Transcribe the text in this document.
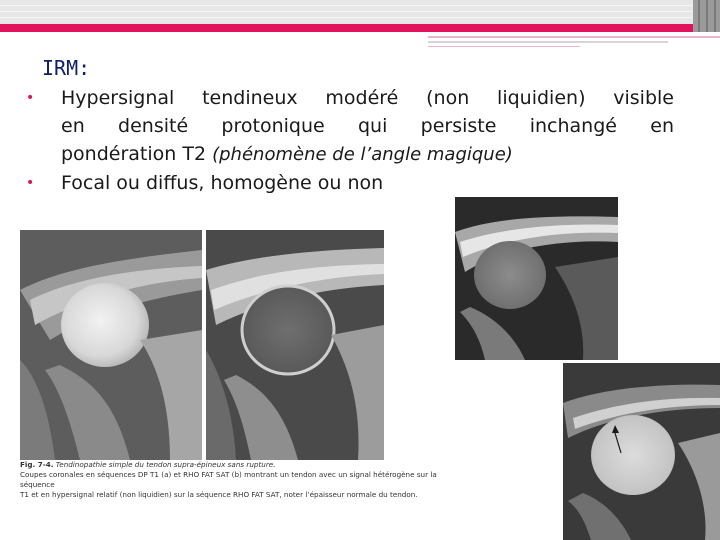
IRM:
•	Hypersignal tendineux modéré (non liquidien) visible
en densité protonique qui persiste inchangé en
pondération T2 (phénomène de l’angle magique)
•	Focal ou diffus, homogène ou non
Fig. 7-4. Tendinopathie simple du tendon supra-épineux sans rupture.
Coupes coronales en séquences DP T1 (a) et RHO FAT SAT (b) montrant un tendon avec un signal hétérogène sur la séquence
T1 et en hypersignal relatif (non liquidien) sur la séquence RHO FAT SAT, noter l’épaisseur normale du tendon.
